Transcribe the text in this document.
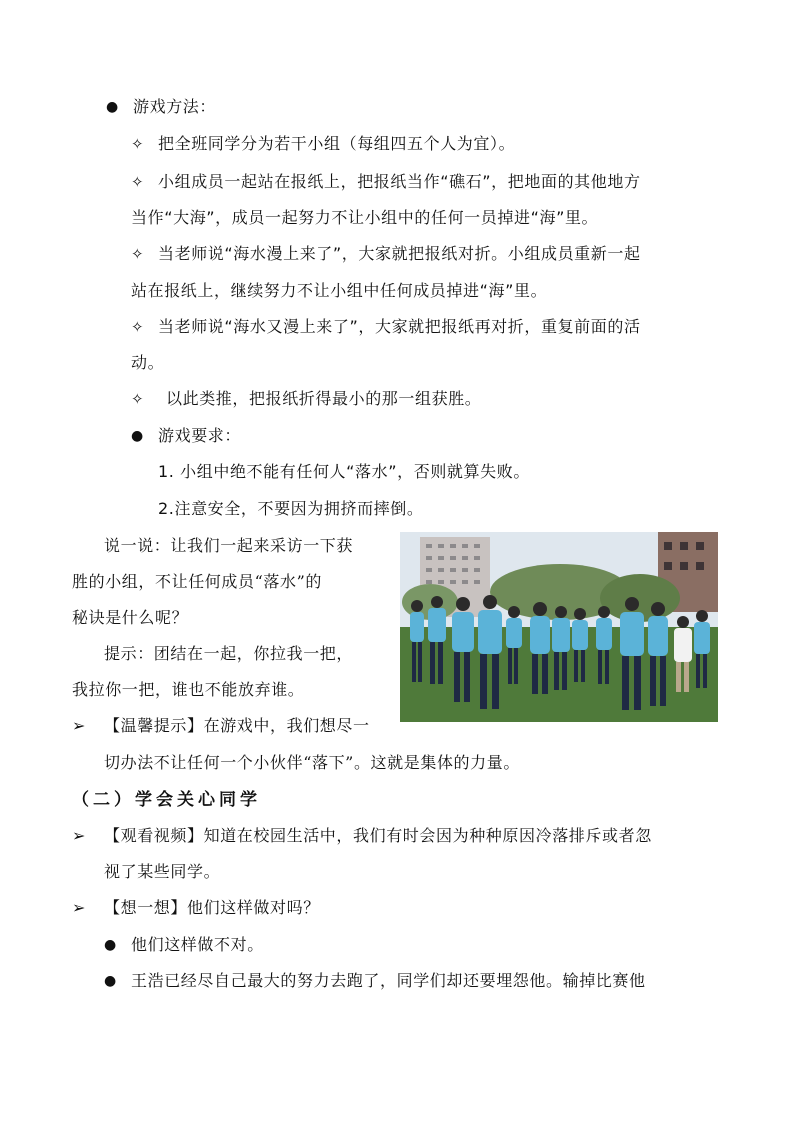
● 游戏方法：
✧ 把全班同学分为若干小组（每组四五个人为宜）。
✧ 小组成员一起站在报纸上，把报纸当作“礁石”，把地面的其他地方
当作“大海”，成员一起努力不让小组中的任何一员掉进“海”里。
✧ 当老师说“海水漫上来了”，大家就把报纸对折。小组成员重新一起
站在报纸上，继续努力不让小组中任何成员掉进“海”里。
✧ 当老师说“海水又漫上来了”，大家就把报纸再对折，重复前面的活
动。
✧ 以此类推，把报纸折得最小的那一组获胜。
● 游戏要求：
1. 小组中绝不能有任何人“落水”，否则就算失败。
2.注意安全，不要因为拥挤而摔倒。
说一说：让我们一起来采访一下获
胜的小组，不让任何成员“落水”的
秘诀是什么呢？
提示：团结在一起，你拉我一把，
我拉你一把，谁也不能放弃谁。
➢ 【温馨提示】在游戏中，我们想尽一
切办法不让任何一个小伙伴“落下”。这就是集体的力量。
（二）学会关心同学
➢ 【观看视频】知道在校园生活中，我们有时会因为种种原因冷落排斥或者忽
视了某些同学。
➢ 【想一想】他们这样做对吗？
● 他们这样做不对。
● 王浩已经尽自己最大的努力去跑了，同学们却还要埋怨他。输掉比赛他
